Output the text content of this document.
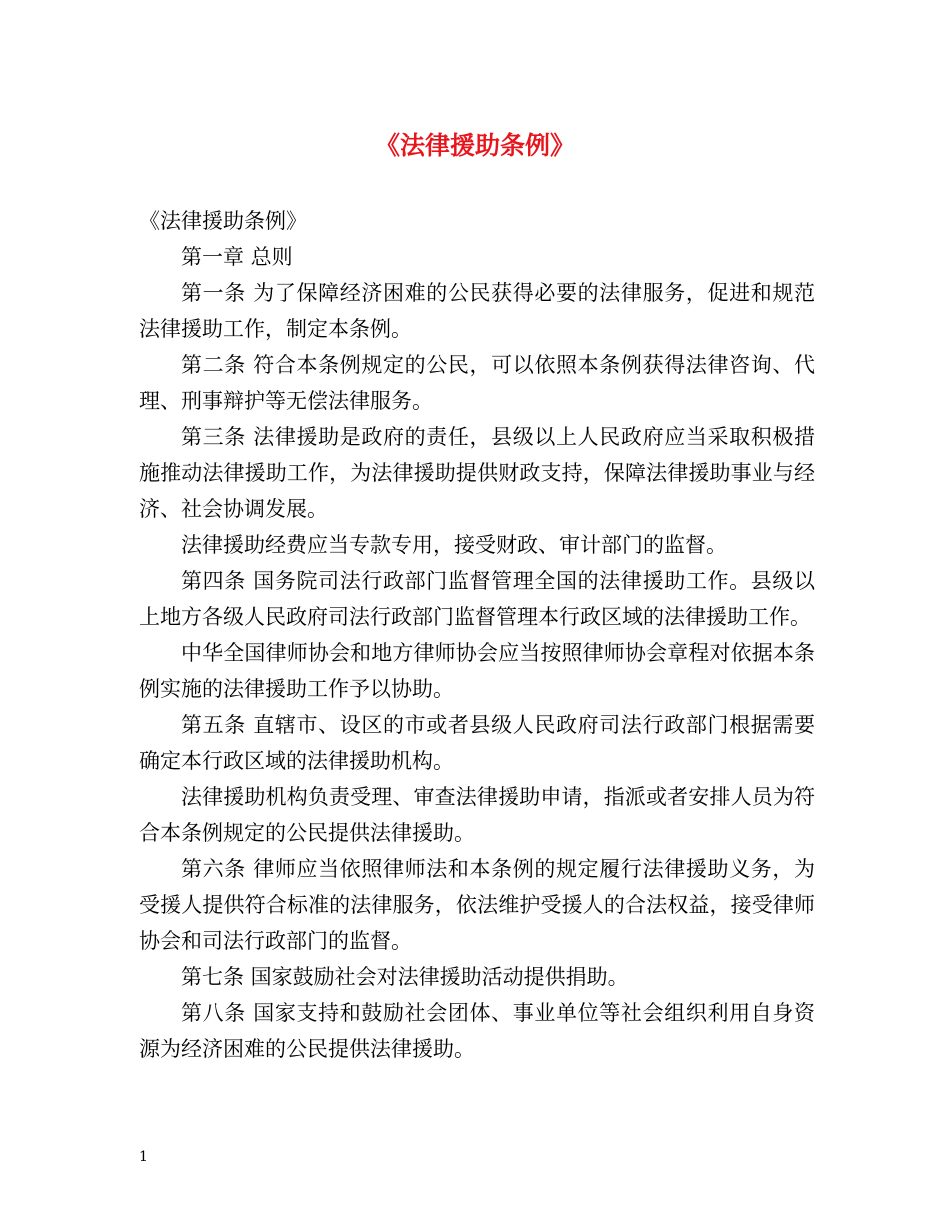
《法律援助条例》

《法律援助条例》

第一章 总则

第一条 为了保障经济困难的公民获得必要的法律服务，促进和规范法律援助工作，制定本条例。

第二条 符合本条例规定的公民，可以依照本条例获得法律咨询、代理、刑事辩护等无偿法律服务。

第三条 法律援助是政府的责任，县级以上人民政府应当采取积极措施推动法律援助工作，为法律援助提供财政支持，保障法律援助事业与经济、社会协调发展。

法律援助经费应当专款专用，接受财政、审计部门的监督。

第四条 国务院司法行政部门监督管理全国的法律援助工作。县级以上地方各级人民政府司法行政部门监督管理本行政区域的法律援助工作。

中华全国律师协会和地方律师协会应当按照律师协会章程对依据本条例实施的法律援助工作予以协助。

第五条 直辖市、设区的市或者县级人民政府司法行政部门根据需要确定本行政区域的法律援助机构。

法律援助机构负责受理、审查法律援助申请，指派或者安排人员为符合本条例规定的公民提供法律援助。

第六条 律师应当依照律师法和本条例的规定履行法律援助义务，为受援人提供符合标准的法律服务，依法维护受援人的合法权益，接受律师协会和司法行政部门的监督。

第七条 国家鼓励社会对法律援助活动提供捐助。

第八条 国家支持和鼓励社会团体、事业单位等社会组织利用自身资源为经济困难的公民提供法律援助。

1
